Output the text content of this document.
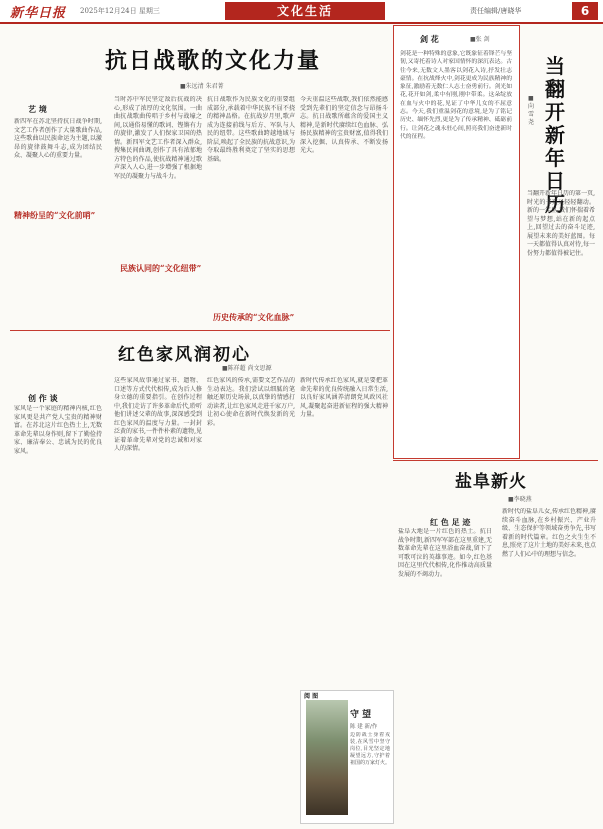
新华日报 2025年12月24日 星期三	文化生活	责任编辑/唐晓华	6
抗日战歌的文化力量
■朱远清 朱君菁
艺 境
新四军在苏北坚持抗日战争时期,文艺工作者创作了大量歌曲作品,这些歌曲以民族命运为主题,以激昂的旋律鼓舞斗志,成为团结民众、凝聚人心的重要力量。
精神纷呈的“文化前哨”
当时苏中军民坚定敌后抗战的决心,形成了浓厚的文化氛围。一曲曲抗战歌曲传唱于乡村与战壕之间,以通俗易懂的歌词、铿锵有力的旋律,激发了人们保家卫国的热情。新四军文艺工作者深入群众,搜集民间曲调,创作了具有浓郁地方特色的作品,使抗战精神通过歌声深入人心,进一步增强了根据地军民的凝聚力与战斗力。
民族认同的“文化纽带”
抗日战歌作为民族文化的重要组成部分,承载着中华民族不屈不挠的精神品格。在抗战岁月里,歌声成为连接前线与后方、军队与人民的纽带。这些歌曲跨越地域与阶层,唤起了全民族的抗战意识,为夺取最终胜利奠定了坚实的思想基础。
历史传承的“文化血脉”
今天重温这些战歌,我们依然能感受到先辈们的坚定信念与昂扬斗志。抗日战歌所蕴含的爱国主义精神,是新时代赓续红色血脉、弘扬民族精神的宝贵财富,值得我们深入挖掘、认真传承、不断发扬光大。
红色家风润初心
■陈祥超 尚文思源
创 作 谈
家风是一个家庭的精神内核,红色家风更是共产党人宝贵的精神财富。在苏北这片红色热土上,无数革命先辈以身作则,留下了勤俭持家、廉洁奉公、忠诚为民的优良家风。
这些家风故事通过家书、遗物、口述等方式代代相传,成为后人修身立德的重要指引。在创作过程中,我们走访了许多革命后代,聆听他们讲述父辈的故事,深深感受到红色家风的温度与力量。一封封泛黄的家书,一件件朴素的遗物,见证着革命先辈对党的忠诚和对家人的深情。
红色家风的传承,需要文艺作品的生动表达。我们尝试以细腻的笔触还原历史场景,以真挚的情感打动读者,让红色家风走进千家万户,让初心使命在新时代焕发新的光彩。
新时代传承红色家风,就是要把革命先辈的优良传统融入日常生活,以良好家风涵养清朗党风政风社风,凝聚起奋进新征程的强大精神力量。
阅 图
守 望
陈 建 新/作
边防战士身着戎装,在风雪中坚守岗位,目光坚定地凝望远方,守护着祖国的万家灯火。
剑 花	■张 剑
剑花是一种特殊的意象,它既象征着锋芒与坚韧,又寄托着诗人对家国情怀的深沉表达。古往今来,无数文人墨客以剑花入诗,抒发壮志豪情。在抗战烽火中,剑花更成为民族精神的象征,激励着无数仁人志士奋勇前行。剑光如花,花开如剑,柔中有刚,刚中带柔。这朵绽放在血与火中的花,见证了中华儿女的不屈意志。今天,我们重温剑花的意境,是为了铭记历史、缅怀先烈,更是为了传承精神、砥砺前行。让剑花之魂永驻心间,照亮我们奋进新时代的征程。
当翻开新年日历
■向雪尧
当翻开新年日历的第一页,时光的书页又轻轻翻动。新的一年里,我们怀揣着希望与梦想,站在新的起点上,回望过去的奋斗足迹,展望未来的美好蓝图。每一天都值得认真对待,每一份努力都值得被记住。
盐阜新火
■李晓燕
红 色 足 迹
盐阜大地是一片红色的热土。抗日战争时期,新四军军部在这里重建,无数革命先辈在这里浴血奋战,留下了可歌可泣的英雄事迹。如今,红色基因在这里代代相传,化作推动高质量发展的不竭动力。
新时代的盐阜儿女,传承红色精神,赓续奋斗血脉,在乡村振兴、产业升级、生态保护等领域奋勇争先,书写着新的时代篇章。红色之火生生不息,照亮了这片土地的美好未来,也点燃了人们心中的理想与信念。
